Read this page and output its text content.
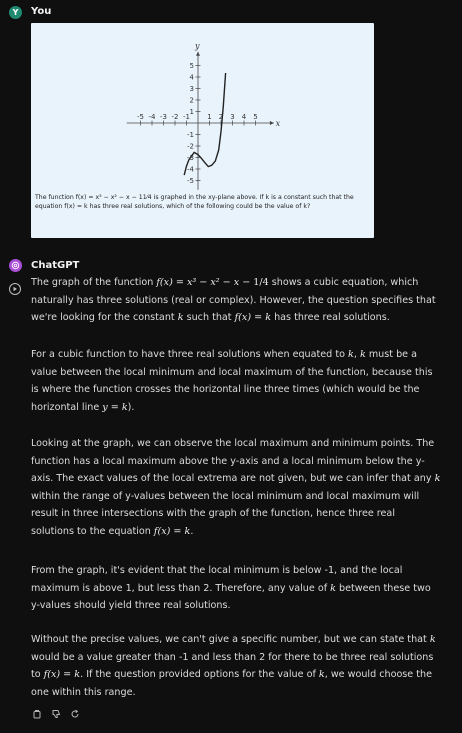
Y	You
x
y
-5 -4 -3 -2 -1 1 2 3 4 5
5
4
3
2
1
-1
-2
-3
-4
-5
The function f(x) = x³ − x² − x − 11⁄4 is graphed in the xy-plane above. If k is a constant such that the equation f(x) = k has three real solutions, which of the following could be the value of k?
ChatGPT
The graph of the function f(x) = x³ − x² − x − 1/4 shows a cubic equation, which naturally has three solutions (real or complex). However, the question specifies that we're looking for the constant k such that f(x) = k has three real solutions.
For a cubic function to have three real solutions when equated to k, k must be a value between the local minimum and local maximum of the function, because this is where the function crosses the horizontal line three times (which would be the horizontal line y = k).
Looking at the graph, we can observe the local maximum and minimum points. The function has a local maximum above the y-axis and a local minimum below the y-axis. The exact values of the local extrema are not given, but we can infer that any k within the range of y-values between the local minimum and local maximum will result in three intersections with the graph of the function, hence three real solutions to the equation f(x) = k.
From the graph, it's evident that the local minimum is below -1, and the local maximum is above 1, but less than 2. Therefore, any value of k between these two y-values should yield three real solutions.
Without the precise values, we can't give a specific number, but we can state that k would be a value greater than -1 and less than 2 for there to be three real solutions to f(x) = k. If the question provided options for the value of k, we would choose the one within this range.
